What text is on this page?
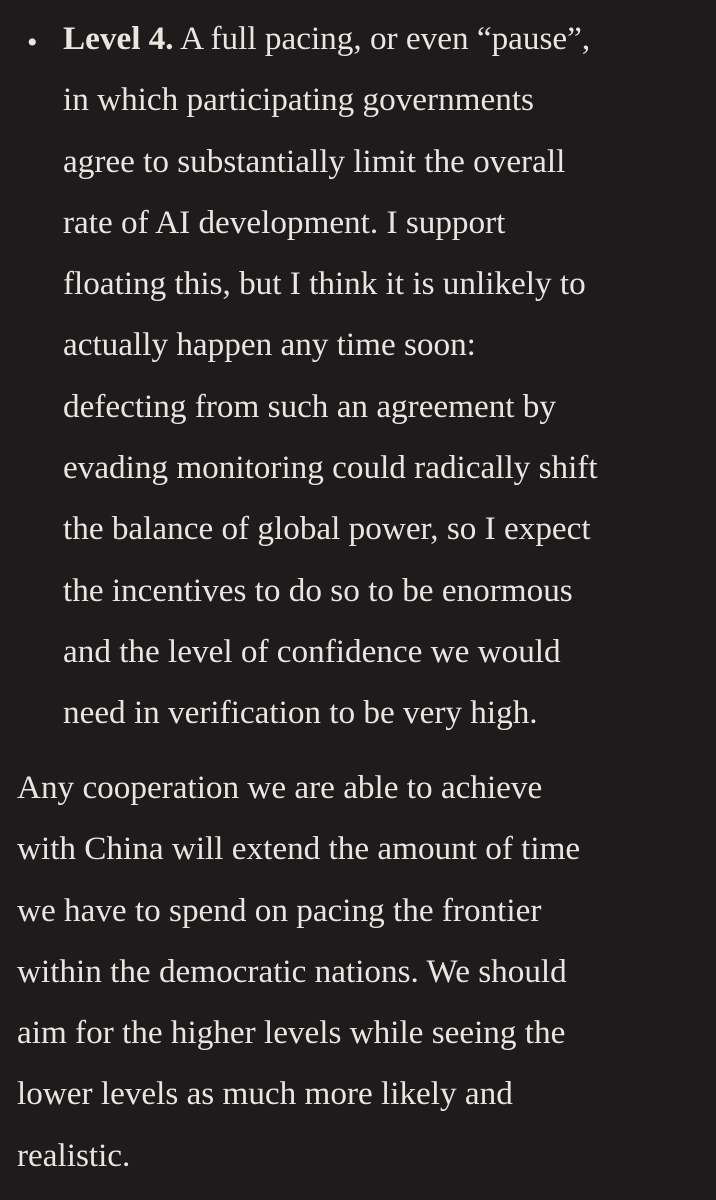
• Level 4. A full pacing, or even “pause”,
in which participating governments
agree to substantially limit the overall
rate of AI development. I support
floating this, but I think it is unlikely to
actually happen any time soon:
defecting from such an agreement by
evading monitoring could radically shift
the balance of global power, so I expect
the incentives to do so to be enormous
and the level of confidence we would
need in verification to be very high.
Any cooperation we are able to achieve
with China will extend the amount of time
we have to spend on pacing the frontier
within the democratic nations. We should
aim for the higher levels while seeing the
lower levels as much more likely and
realistic.
